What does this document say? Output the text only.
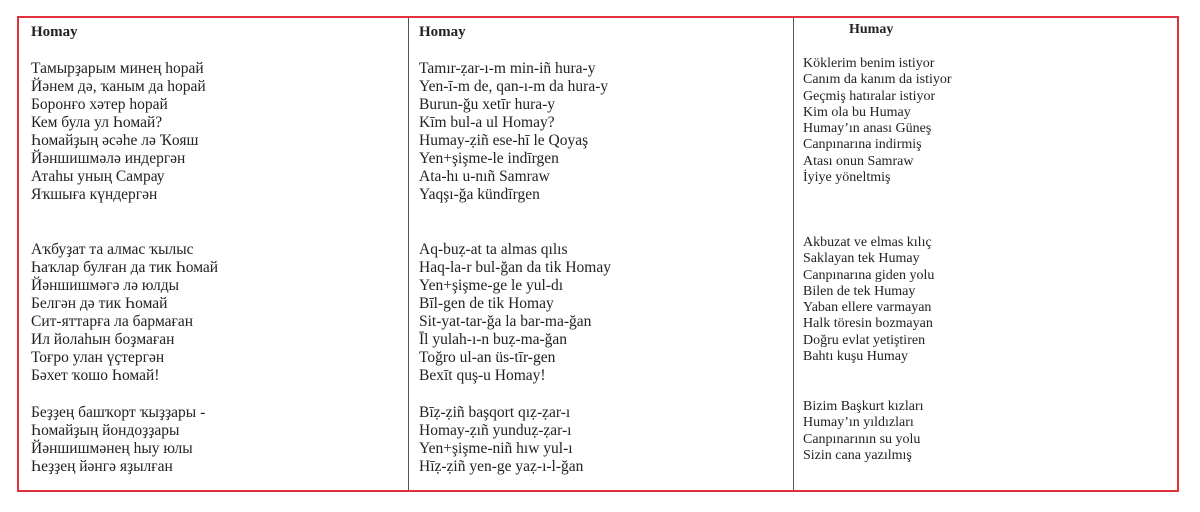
Homay
Тамырҙарым минең һорай
Йәнем дә, ҡаным да һорай
Боронғо хәтер һорай
Кем була ул Һомай?
Һомайҙың әсәһе лә Ҡояш
Йәншишмәлә индергән
Атаһы уның Самрау
Яҡшыға күндергән
Аҡбуҙат та алмас ҡылыс
Һаҡлар булған да тик Һомай
Йәншишмәгә лә юлды
Белгән дә тик Һомай
Сит-яттарға ла бармаған
Ил йолаһын боҙмаған
Тоғро улан үҫтергән
Бәхет ҡошо Һомай!
Беҙҙең башҡорт ҡыҙҙары -
Һомайҙың йондоҙҙары
Йәншишмәнең һыу юлы
Һеҙҙең йәнгә яҙылған
Homay
Tamır-ẓar-ı-m min-iñ hura-y
Yen-ī-m de, qan-ı-m da hura-y
Burun-ğu xetīr hura-y
Kīm bul-a ul Homay?
Humay-ẓiñ ese-hī le Qoyaş
Yen+şişme-le indīrgen
Ata-hı u-nıñ Samraw
Yaqşı-ğa kündīrgen
Aq-buẓ-at ta almas qılıs
Haq-la-r bul-ğan da tik Homay
Yen+şişme-ge le yul-dı
Bīl-gen de tik Homay
Sit-yat-tar-ğa la bar-ma-ğan
Īl yulah-ı-n buẓ-ma-ğan
Toğro ul-an üs-tīr-gen
Bexīt quş-u Homay!
Bīẓ-ẓiñ başqort qıẓ-ẓar-ı
Homay-ẓıñ yunduẓ-ẓar-ı
Yen+şişme-niñ hıw yul-ı
Hīẓ-ẓiñ yen-ge yaẓ-ı-l-ğan
Humay
Köklerim benim istiyor
Canım da kanım da istiyor
Geçmiş hatıralar istiyor
Kim ola bu Humay
Humay’ın anası Güneş
Canpınarına indirmiş
Atası onun Samraw
İyiye yöneltmiş
Akbuzat ve elmas kılıç
Saklayan tek Humay
Canpınarına giden yolu
Bilen de tek Humay
Yaban ellere varmayan
Halk töresin bozmayan
Doğru evlat yetiştiren
Bahtı kuşu Humay
Bizim Başkurt kızları
Humay’ın yıldızları
Canpınarının su yolu
Sizin cana yazılmış
